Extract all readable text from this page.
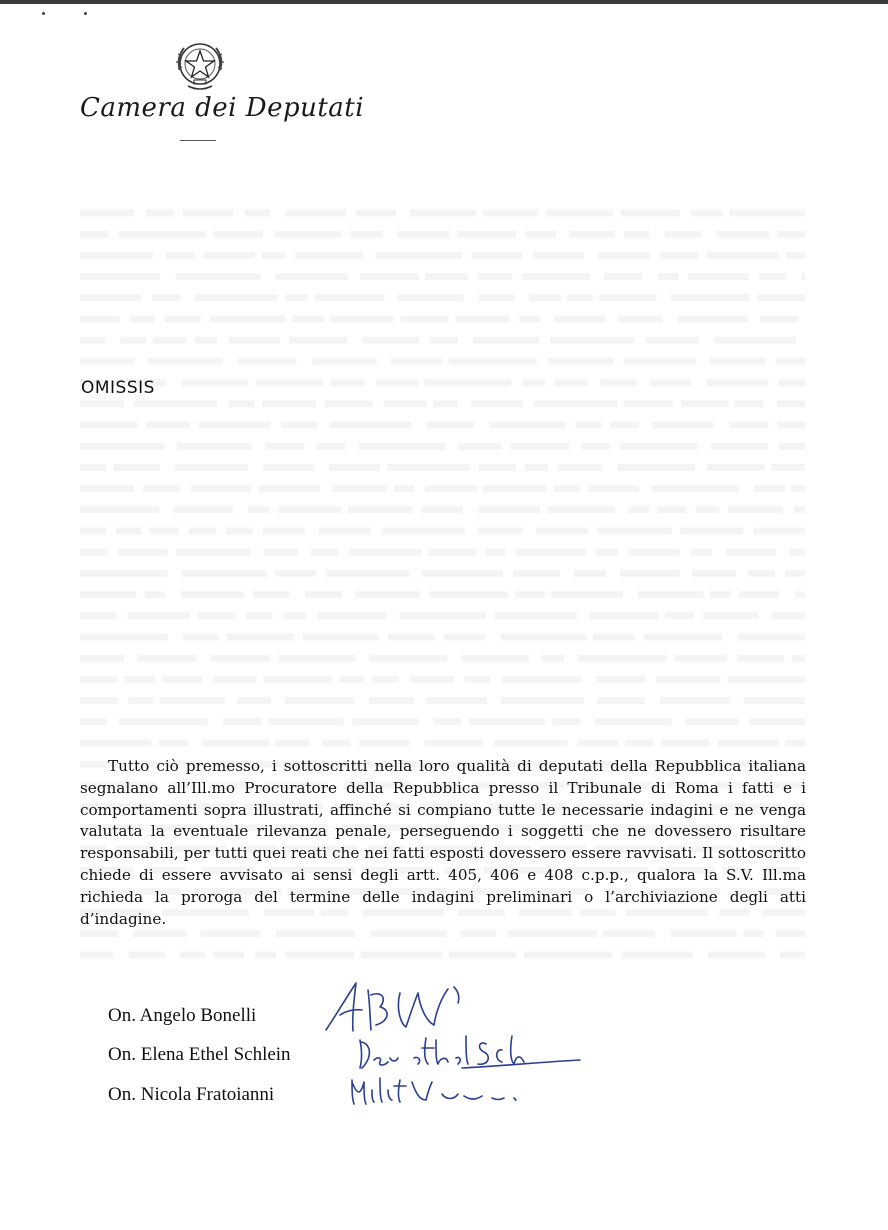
Camera dei Deputati
OMISSIS

Tutto ciò premesso, i sottoscritti nella loro qualità di deputati della Repubblica italiana segnalano all’Ill.mo Procuratore della Repubblica presso il Tribunale di Roma i fatti e i comportamenti sopra illustrati, affinché si compiano tutte le necessarie indagini e ne venga valutata la eventuale rilevanza penale, perseguendo i soggetti che ne dovessero risultare responsabili, per tutti quei reati che nei fatti esposti dovessero essere ravvisati. Il sottoscritto chiede di essere avvisato ai sensi degli artt. 405, 406 e 408 c.p.p., qualora la S.V. Ill.ma richieda la proroga del termine delle indagini preliminari o l’archiviazione degli atti d’indagine.

On. Angelo Bonelli
On. Elena Ethel Schlein
On. Nicola Fratoianni
